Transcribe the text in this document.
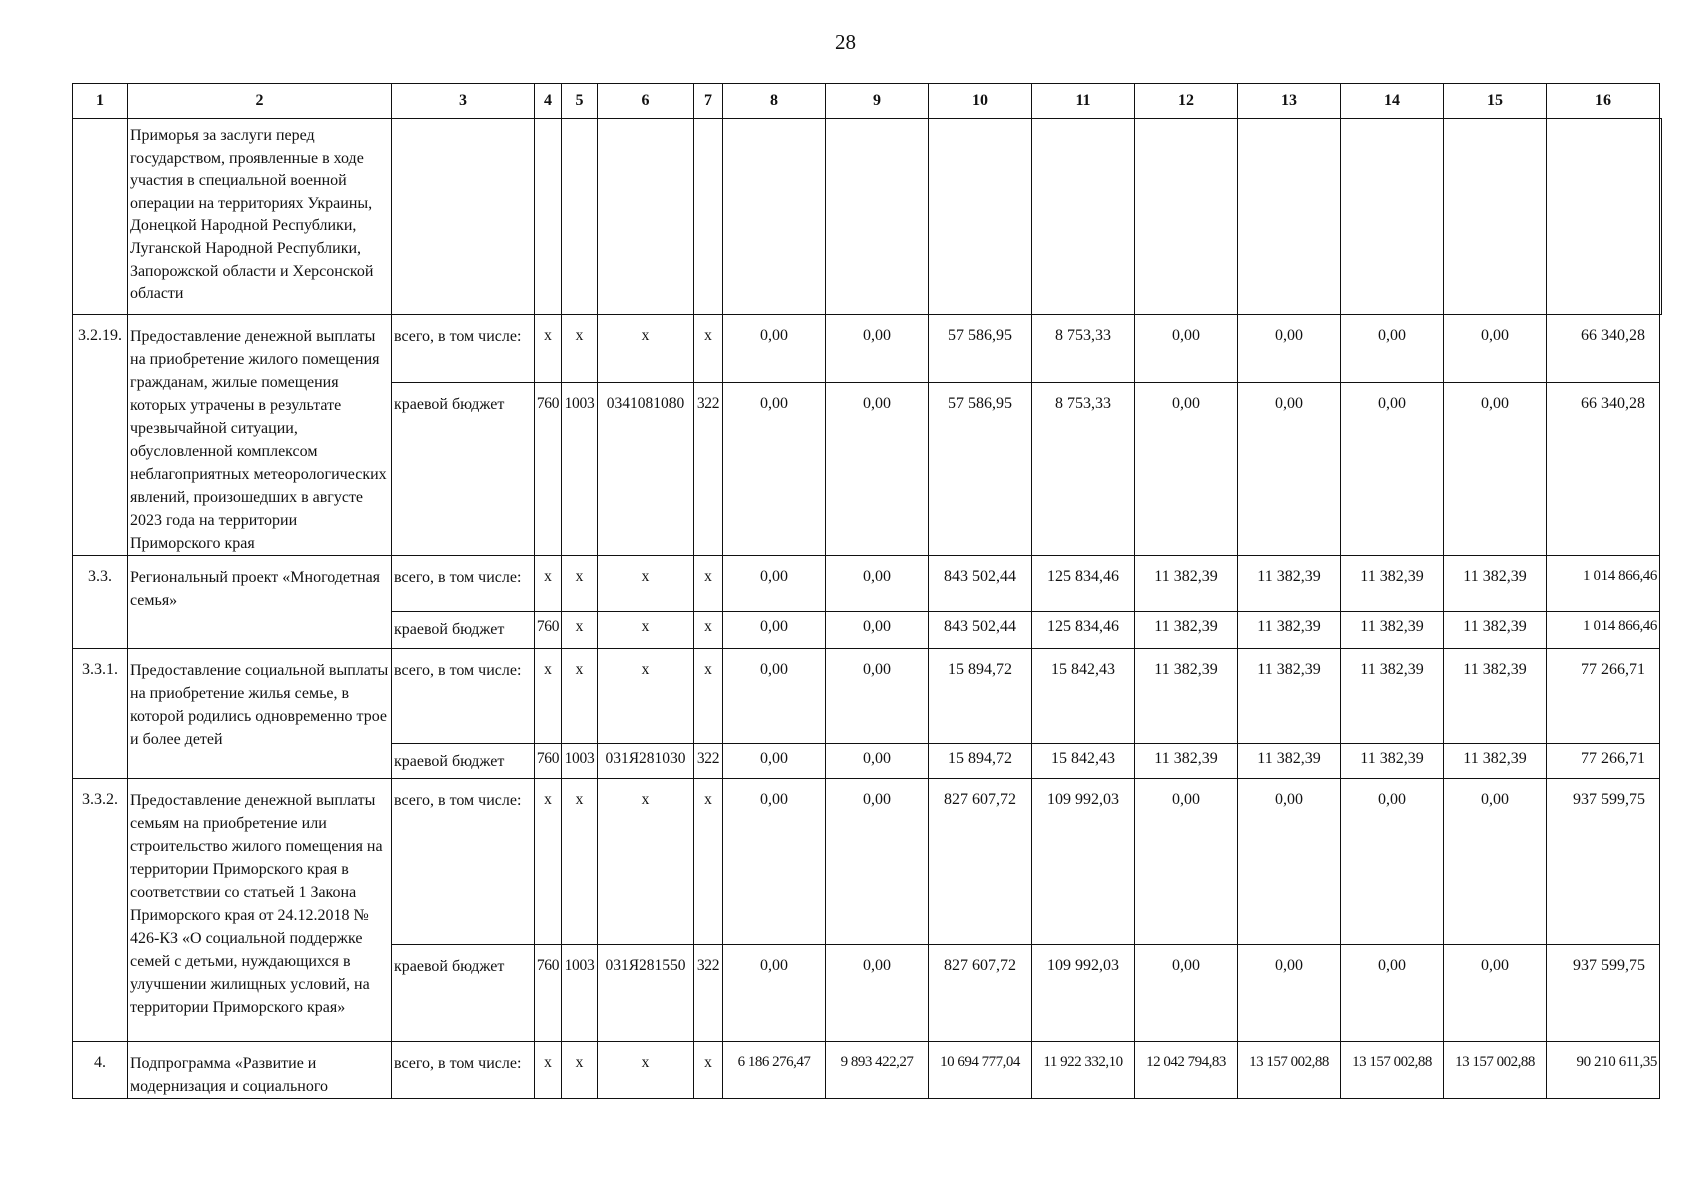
28
1	2	3	4	5	6	7	8	9	10	11	12	13	14	15	16	
	Приморья за заслуги перед государством, проявленные в ходе участия в специальной военной операции на территориях Украины, Донецкой Народной Республики, Луганской Народной Республики, Запорожской области и Херсонской области															
3.2.19.	Предоставление денежной выплаты на приобретение жилого помещения гражданам, жилые помещения которых утрачены в результате чрезвычайной ситуации, обусловленной комплексом неблагоприятных метеорологических явлений, произошедших в августе 2023 года на территории Приморского края	всего, в том числе:	х	х	х	х	0,00	0,00	57 586,95	8 753,33	0,00	0,00	0,00	0,00	66 340,28	
		краевой бюджет	760	1003	0341081080	322	0,00	0,00	57 586,95	8 753,33	0,00	0,00	0,00	0,00	66 340,28	
3.3.	Региональный проект «Многодетная семья»	всего, в том числе:	х	х	х	х	0,00	0,00	843 502,44	125 834,46	11 382,39	11 382,39	11 382,39	11 382,39	1 014 866,46	
		краевой бюджет	760	х	х	х	0,00	0,00	843 502,44	125 834,46	11 382,39	11 382,39	11 382,39	11 382,39	1 014 866,46	
3.3.1.	Предоставление социальной выплаты на приобретение жилья семье, в которой родились одновременно трое и более детей	всего, в том числе:	х	х	х	х	0,00	0,00	15 894,72	15 842,43	11 382,39	11 382,39	11 382,39	11 382,39	77 266,71	
		краевой бюджет	760	1003	031Я281030	322	0,00	0,00	15 894,72	15 842,43	11 382,39	11 382,39	11 382,39	11 382,39	77 266,71	
3.3.2.	Предоставление денежной выплаты семьям на приобретение или строительство жилого помещения на территории Приморского края в соответствии со статьей 1 Закона Приморского края от 24.12.2018 № 426-КЗ «О социальной поддержке семей с детьми, нуждающихся в улучшении жилищных условий, на территории Приморского края»	всего, в том числе:	х	х	х	х	0,00	0,00	827 607,72	109 992,03	0,00	0,00	0,00	0,00	937 599,75	
		краевой бюджет	760	1003	031Я281550	322	0,00	0,00	827 607,72	109 992,03	0,00	0,00	0,00	0,00	937 599,75	
4.	Подпрограмма «Развитие и модернизация и социального	всего, в том числе:	х	х	х	х	6 186 276,47	9 893 422,27	10 694 777,04	11 922 332,10	12 042 794,83	13 157 002,88	13 157 002,88	13 157 002,88	90 210 611,35	
